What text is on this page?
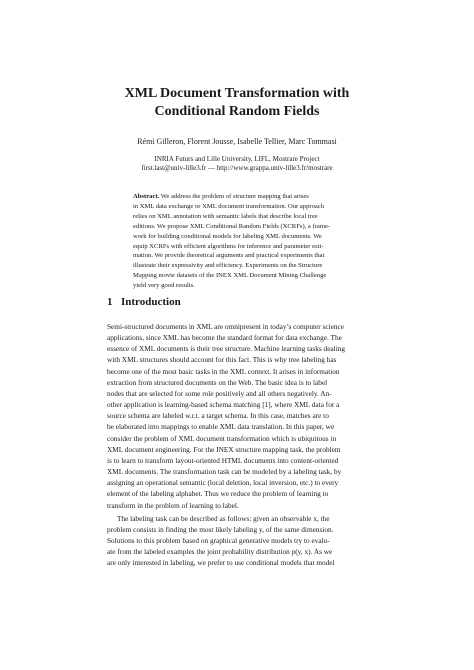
XML Document Transformation with
Conditional Random Fields
Rémi Gilleron, Florent Jousse, Isabelle Tellier, Marc Tommasi
INRIA Futurs and Lille University, LIFL, Mostrare Project
first.last@univ-lille3.fr — http://www.grappa.univ-lille3.fr/mostrare
Abstract. We address the problem of structure mapping that arises
in XML data exchange or XML document transformation. Our approach
relies on XML annotation with semantic labels that describe local tree
editions. We propose XML Conditional Random Fields (XCRFs), a frame-
work for building conditional models for labeling XML documents. We
equip XCRFs with efficient algorithms for inference and parameter esti-
mation. We provide theoretical arguments and practical experiments that
illustrate their expressivity and efficiency. Experiments on the Structure
Mapping movie datasets of the INEX XML Document Mining Challenge
yield very good results.
1 Introduction
Semi-structured documents in XML are omnipresent in today’s computer science
applications, since XML has become the standard format for data exchange. The
essence of XML documents is their tree structure. Machine learning tasks dealing
with XML structures should account for this fact. This is why tree labeling has
become one of the most basic tasks in the XML context. It arises in information
extraction from structured documents on the Web. The basic idea is to label
nodes that are selected for some role positively and all others negatively. An-
other application is learning-based schema matching [1], where XML data for a
source schema are labeled w.r.t. a target schema. In this case, matches are to
be elaborated into mappings to enable XML data translation. In this paper, we
consider the problem of XML document transformation which is ubiquitous in
XML document engineering. For the INEX structure mapping task, the problem
is to learn to transform layout-oriented HTML documents into content-oriented
XML documents. The transformation task can be modeled by a labeling task, by
assigning an operational semantic (local deletion, local inversion, etc.) to every
element of the labeling alphabet. Thus we reduce the problem of learning to
transform in the problem of learning to label.
The labeling task can be described as follows: given an observable x, the
problem consists in finding the most likely labeling y, of the same dimension.
Solutions to this problem based on graphical generative models try to evalu-
ate from the labeled examples the joint probability distribution p(y, x). As we
are only interested in labeling, we prefer to use conditional models that model
